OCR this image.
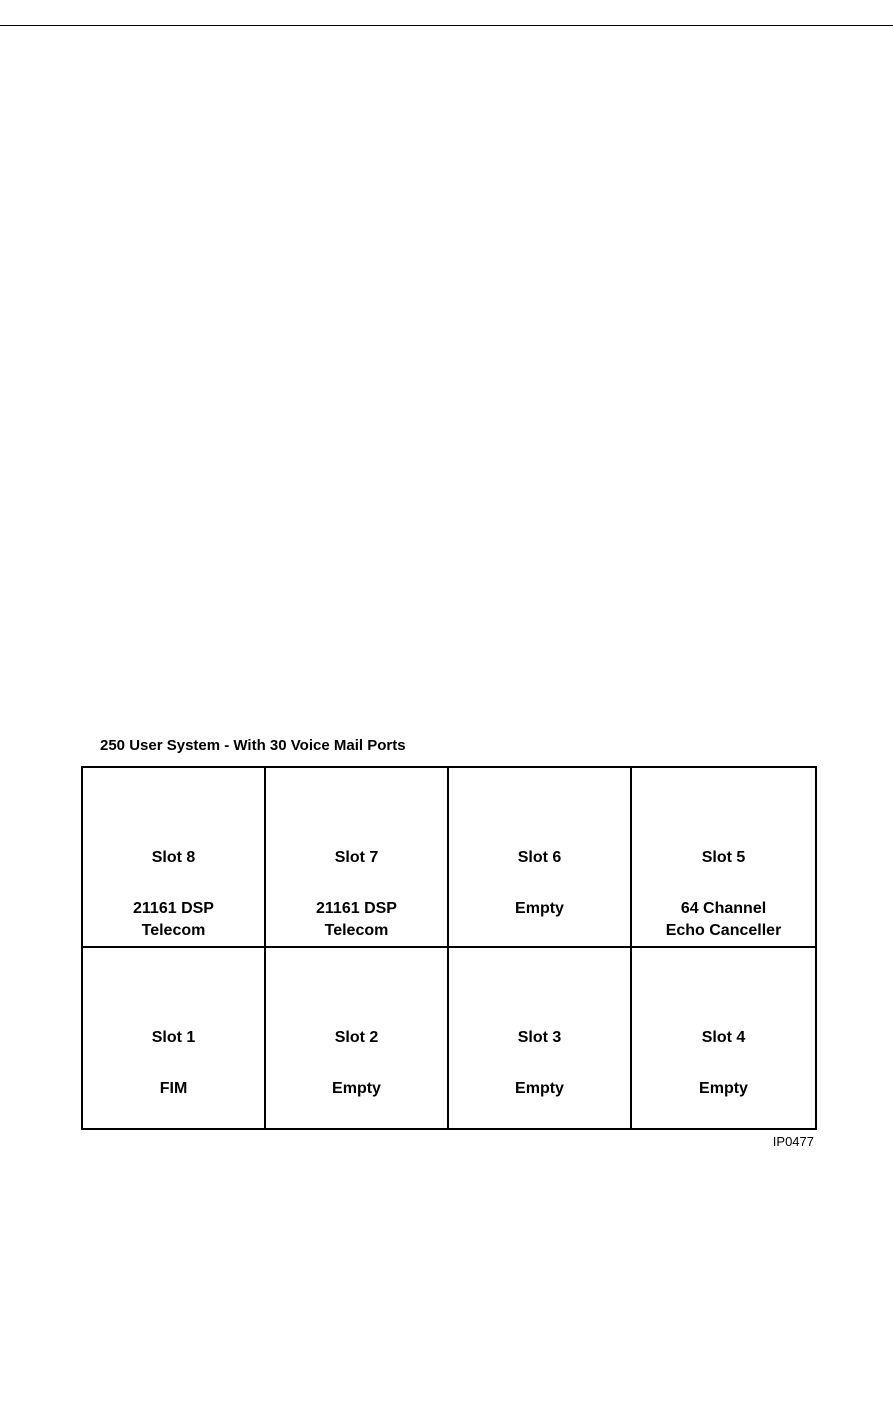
250 User System - With 30 Voice Mail Ports
Slot 8
21161 DSP
Telecom
Slot 7
21161 DSP
Telecom
Slot 6
Empty
Slot 5
64 Channel
Echo Canceller
Slot 1
FIM
Slot 2
Empty
Slot 3
Empty
Slot 4
Empty
IP0477
